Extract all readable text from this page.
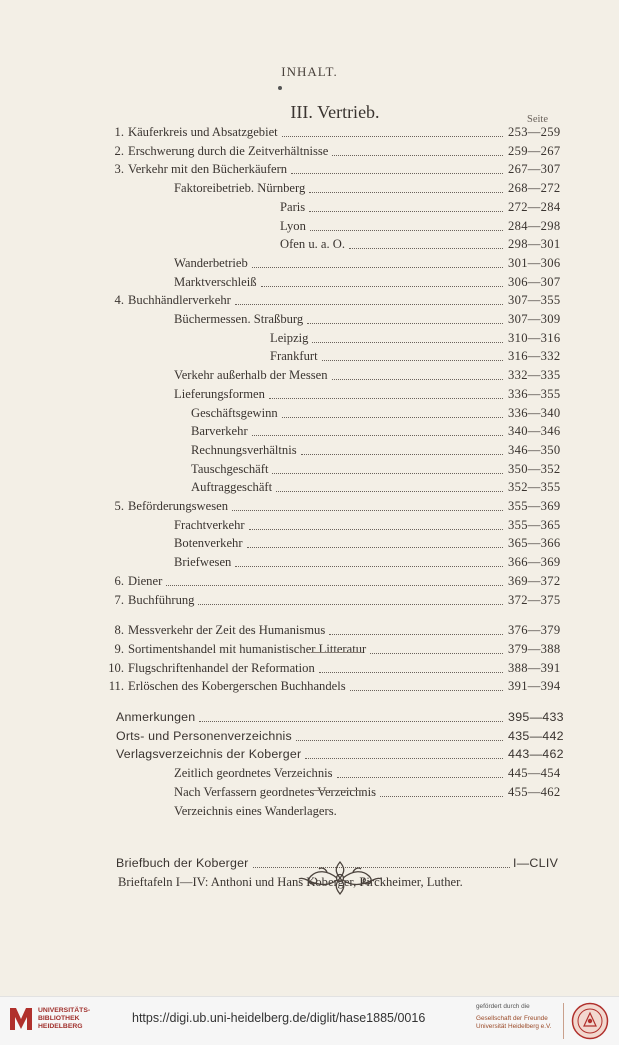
INHALT.
III. Vertrieb.	Seite
1. Käuferkreis und Absatzgebiet	253—259
2. Erschwerung durch die Zeitverhältnisse	259—267
3. Verkehr mit den Bücherkäufern	267—307
Faktoreibetrieb. Nürnberg	268—272
Paris	272—284
Lyon	284—298
Ofen u. a. O.	298—301
Wanderbetrieb	301—306
Marktverschleiß	306—307
4. Buchhändlerverkehr	307—355
Büchermessen. Straßburg	307—309
Leipzig	310—316
Frankfurt	316—332
Verkehr außerhalb der Messen	332—335
Lieferungsformen	336—355
Geschäftsgewinn	336—340
Barverkehr	340—346
Rechnungsverhältnis	346—350
Tauschgeschäft	350—352
Auftraggeschäft	352—355
5. Beförderungswesen	355—369
Frachtverkehr	355—365
Botenverkehr	365—366
Briefwesen	366—369
6. Diener	369—372
7. Buchführung	372—375
8. Messverkehr der Zeit des Humanismus	376—379
9. Sortimentshandel mit humanistischer Litteratur	379—388
10. Flugschriftenhandel der Reformation	388—391
11. Erlöschen des Kobergerschen Buchhandels	391—394
Anmerkungen	395—433
Orts- und Personenverzeichnis	435—442
Verlagsverzeichnis der Koberger	443—462
Zeitlich geordnetes Verzeichnis	445—454
Nach Verfassern geordnetes Verzeichnis	455—462
Verzeichnis eines Wanderlagers.
Briefbuch der Koberger	I—CLIV
Brieftafeln I—IV: Anthoni und Hans Koberger, Pirckheimer, Luther.
UNIVERSITÄTS-
BIBLIOTHEK
HEIDELBERG
https://digi.ub.uni-heidelberg.de/diglit/hase1885/0016
gefördert durch die
Gesellschaft der Freunde
Universität Heidelberg e.V.
